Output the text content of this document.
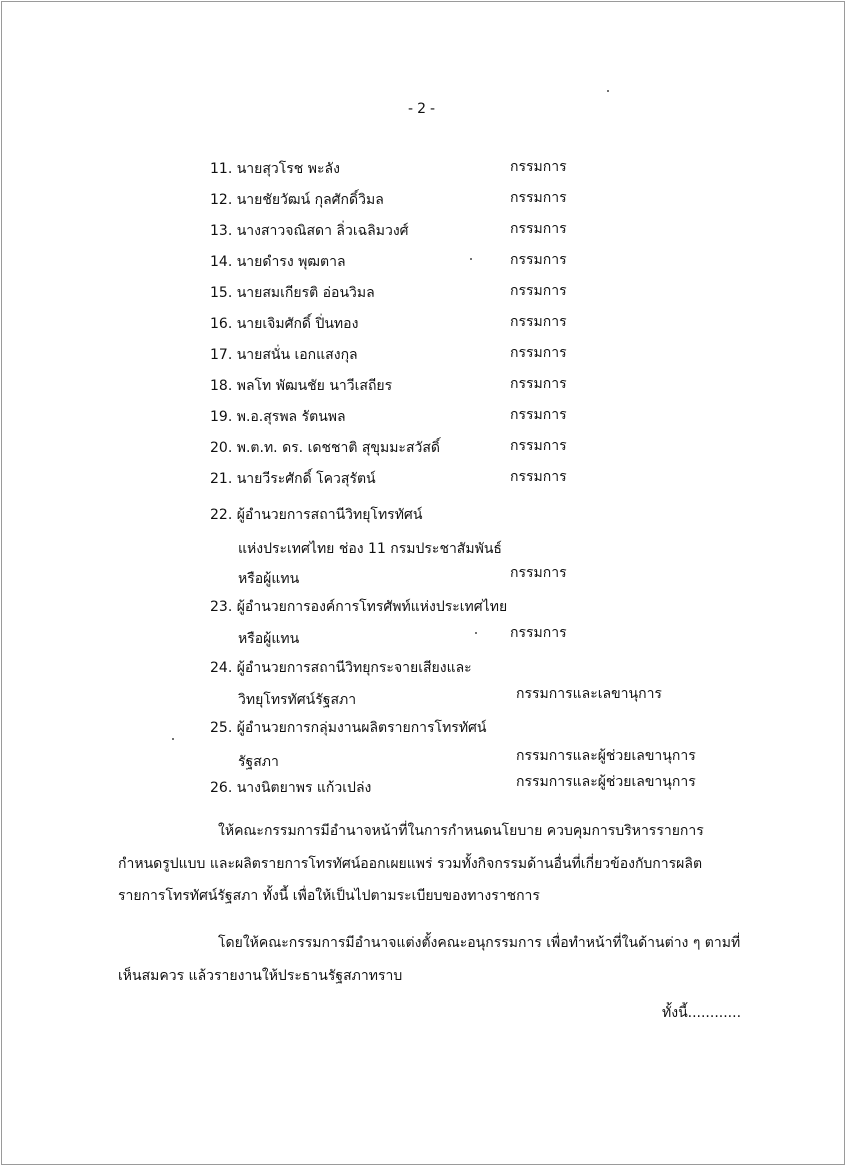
- 2 -
11. นายสุวโรช พะลัง	กรรมการ
12. นายชัยวัฒน์ กุลศักดิ์วิมล	กรรมการ
13. นางสาวจณิสดา ลิ่วเฉลิมวงศ์	กรรมการ
14. นายดำรง พุฒตาล	กรรมการ
15. นายสมเกียรติ อ่อนวิมล	กรรมการ
16. นายเจิมศักดิ์ ปิ่นทอง	กรรมการ
17. นายสนั่น เอกแสงกุล	กรรมการ
18. พลโท พัฒนชัย นาวีเสถียร	กรรมการ
19. พ.อ.สุรพล รัตนพล	กรรมการ
20. พ.ต.ท. ดร. เดชชาติ สุขุมมะสวัสดิ์	กรรมการ
21. นายวีระศักดิ์ โควสุรัตน์	กรรมการ
22. ผู้อำนวยการสถานีวิทยุโทรทัศน์
แห่งประเทศไทย ช่อง 11 กรมประชาสัมพันธ์
หรือผู้แทน	กรรมการ
23. ผู้อำนวยการองค์การโทรศัพท์แห่งประเทศไทย
หรือผู้แทน	กรรมการ
24. ผู้อำนวยการสถานีวิทยุกระจายเสียงและ
วิทยุโทรทัศน์รัฐสภา	กรรมการและเลขานุการ
25. ผู้อำนวยการกลุ่มงานผลิตรายการโทรทัศน์
รัฐสภา	กรรมการและผู้ช่วยเลขานุการ
26. นางนิตยาพร แก้วเปล่ง	กรรมการและผู้ช่วยเลขานุการ
ให้คณะกรรมการมีอำนาจหน้าที่ในการกำหนดนโยบาย ควบคุมการบริหารรายการ
กำหนดรูปแบบ และผลิตรายการโทรทัศน์ออกเผยแพร่ รวมทั้งกิจกรรมด้านอื่นที่เกี่ยวข้องกับการผลิต
รายการโทรทัศน์รัฐสภา ทั้งนี้ เพื่อให้เป็นไปตามระเบียบของทางราชการ
โดยให้คณะกรรมการมีอำนาจแต่งตั้งคณะอนุกรรมการ เพื่อทำหน้าที่ในด้านต่าง ๆ ตามที่
เห็นสมควร แล้วรายงานให้ประธานรัฐสภาทราบ
ทั้งนี้............
